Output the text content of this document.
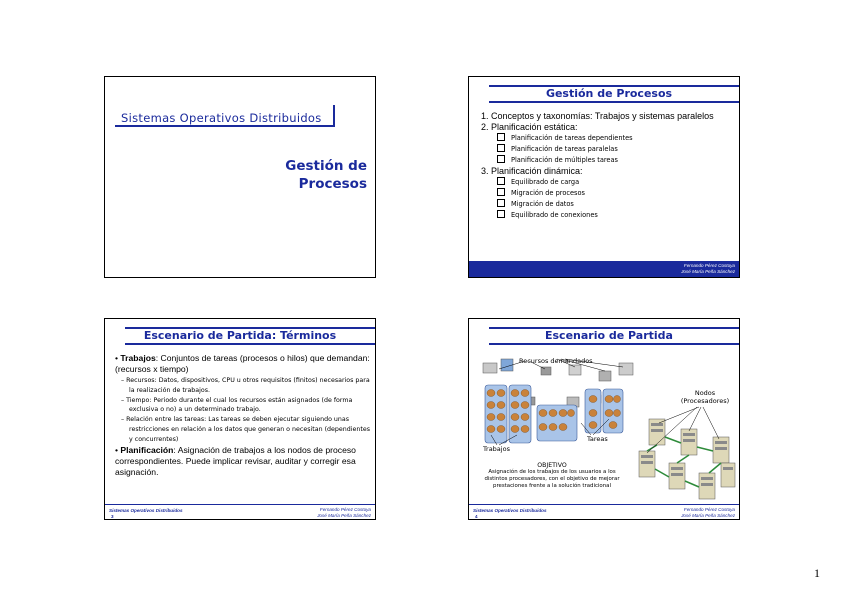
Sistemas Operativos Distribuidos
Gestión de
Procesos
Gestión de Procesos
1. Conceptos y taxonomías: Trabajos y sistemas paralelos
2. Planificación estática:
Planificación de tareas dependientes
Planificación de tareas paralelas
Planificación de múltiples tareas
3. Planificación dinámica:
Equilibrado de carga
Migración de procesos
Migración de datos
Equilibrado de conexiones
Fernando Pérez Costoya
José María Peña Sánchez
Escenario de Partida: Términos
• Trabajos: Conjuntos de tareas (procesos o hilos) que demandan: (recursos x tiempo)
– Recursos: Datos, dispositivos, CPU u otros requisitos (finitos) necesarios para la realización de trabajos.
– Tiempo: Periodo durante el cual los recursos están asignados (de forma exclusiva o no) a un determinado trabajo.
– Relación entre las tareas: Las tareas se deben ejecutar siguiendo unas restricciones en relación a los datos que generan o necesitan (dependientes y concurrentes)
• Planificación: Asignación de trabajos a los nodos de proceso correspondientes. Puede implicar revisar, auditar y corregir esa asignación.
Sistemas Operativos Distribuidos
3
Fernando Pérez Costoya
José María Peña Sánchez
Escenario de Partida
Recursos demandados
Nodos
(Procesadores)
Tareas
Trabajos
OBJETIVO
Asignación de los trabajos de los usuarios a los distintos procesadores, con el objetivo de mejorar prestaciones frente a la solución tradicional
Sistemas Operativos Distribuidos
4
Fernando Pérez Costoya
José María Peña Sánchez
1
